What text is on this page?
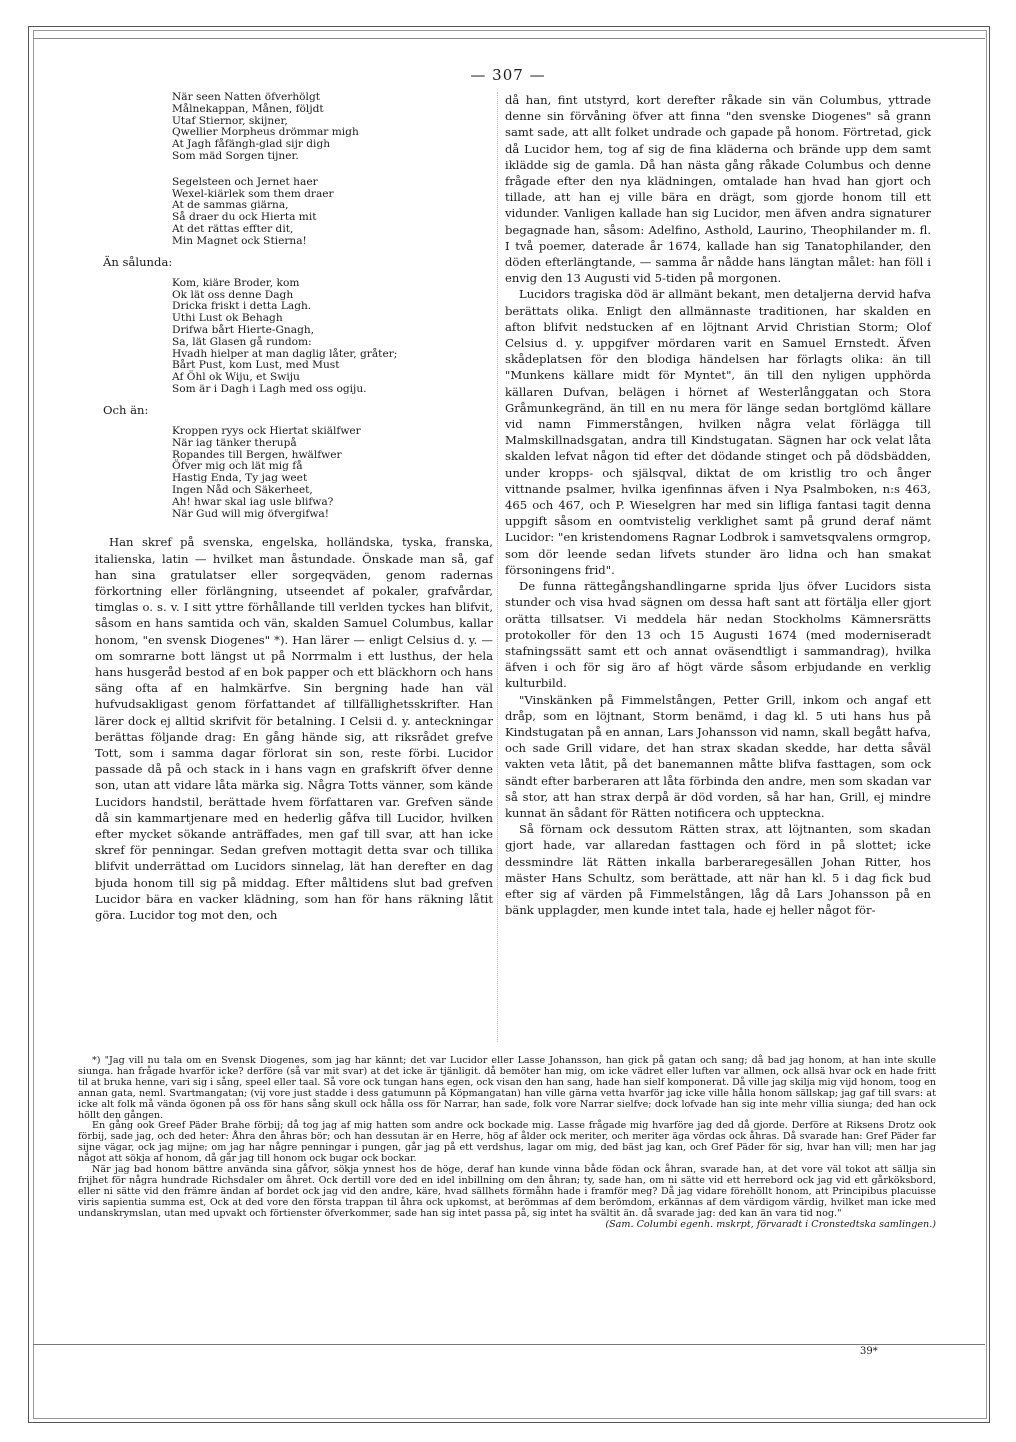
— 307 —
När seen Natten öfverhölgt
Målnekappan, Månen, följdt
Utaf Stiernor, skijner,
Qwellier Morpheus drömmar migh
At Jagh fåfängh-glad sijr digh
Som mäd Sorgen tijner.
Segelsteen och Jernet haer
Wexel-kiärlek som them draer
At de sammas giärna,
Så draer du ock Hierta mit
At det rättas effter dit,
Min Magnet ock Stierna!
Än sålunda:
Kom, kiäre Broder, kom
Ok lät oss denne Dagh
Dricka friskt i detta Lagh.
Uthi Lust ok Behagh
Drifwa bårt Hierte-Gnagh,
Sa, lät Glasen gå rundom:
Hvadh hielper at man daglig låter, gråter;
Bårt Pust, kom Lust, med Must
Af Öhl ok Wiju, et Swiju
Som är i Dagh i Lagh med oss ogiju.
Och än:
Kroppen ryys ock Hiertat skiälfwer
När iag tänker therupå
Ropandes till Bergen, hwälfwer
Öfver mig och lät mig få
Hastig Enda, Ty jag weet
Ingen Nåd och Säkerheet,
Ah! hwar skal iag usle blifwa?
När Gud will mig öfvergifwa!

Han skref på svenska, engelska, holländska, tyska, franska, italienska, latin — hvilket man åstundade. Önskade man så, gaf han sina gratulatser eller sorgeqväden, genom radernas förkortning eller förlängning, utseendet af pokaler, grafvårdar, timglas o. s. v. I sitt yttre förhållande till verlden tyckes han blifvit, såsom en hans samtida och vän, skalden Samuel Columbus, kallar honom, "en svensk Diogenes" *). Han lärer — enligt Celsius d. y. — om somrarne bott längst ut på Norrmalm i ett lusthus, der hela hans husgeråd bestod af en bok papper och ett bläckhorn och hans säng ofta af en halmkärfve. Sin bergning hade han väl hufvudsakligast genom författandet af tillfällighetsskrifter. Han lärer dock ej alltid skrifvit för betalning. I Celsii d. y. anteckningar berättas följande drag: En gång hände sig, att riksrådet grefve Tott, som i samma dagar förlorat sin son, reste förbi. Lucidor passade då på och stack in i hans vagn en grafskrift öfver denne son, utan att vidare låta märka sig. Några Totts vänner, som kände Lucidors handstil, berättade hvem författaren var. Grefven sände då sin kammartjenare med en hederlig gåfva till Lucidor, hvilken efter mycket sökande anträffades, men gaf till svar, att han icke skref för penningar. Sedan grefven mottagit detta svar och tillika blifvit underrättad om Lucidors sinnelag, lät han derefter en dag bjuda honom till sig på middag. Efter måltidens slut bad grefven Lucidor bära en vacker klädning, som han för hans räkning låtit göra. Lucidor tog mot den, och

då han, fint utstyrd, kort derefter råkade sin vän Columbus, yttrade denne sin förvåning öfver att finna "den svenske Diogenes" så grann samt sade, att allt folket undrade och gapade på honom. Förtretad, gick då Lucidor hem, tog af sig de fina kläderna och brände upp dem samt iklädde sig de gamla. Då han nästa gång råkade Columbus och denne frågade efter den nya klädningen, omtalade han hvad han gjort och tillade, att han ej ville bära en drägt, som gjorde honom till ett vidunder. Vanligen kallade han sig Lucidor, men äfven andra signaturer begagnade han, såsom: Adelfino, Asthold, Laurino, Theophilander m. fl. I två poemer, daterade år 1674, kallade han sig Tanatophilander, den döden efterlängtande, — samma år nådde hans längtan målet: han föll i envig den 13 Augusti vid 5-tiden på morgonen.

Lucidors tragiska död är allmänt bekant, men detaljerna dervid hafva berättats olika. Enligt den allmännaste traditionen, har skalden en afton blifvit nedstucken af en löjtnant Arvid Christian Storm; Olof Celsius d. y. uppgifver mördaren varit en Samuel Ernstedt. Äfven skådeplatsen för den blodiga händelsen har förlagts olika: än till "Munkens källare midt för Myntet", än till den nyligen upphörda källaren Dufvan, belägen i hörnet af Westerlånggatan och Stora Gråmunkegränd, än till en nu mera för länge sedan bortglömd källare vid namn Fimmerstången, hvilken några velat förlägga till Malmskillnadsgatan, andra till Kindstugatan. Sägnen har ock velat låta skalden lefvat någon tid efter det dödande stinget och på dödsbädden, under kropps- och själsqval, diktat de om kristlig tro och ånger vittnande psalmer, hvilka igenfinnas äfven i Nya Psalmboken, n:s 463, 465 och 467, och P. Wieselgren har med sin lifliga fantasi tagit denna uppgift såsom en oomtvistelig verklighet samt på grund deraf nämt Lucidor: "en kristendomens Ragnar Lodbrok i samvetsqvalens ormgrop, som dör leende sedan lifvets stunder äro lidna och han smakat försoningens frid".

De funna rättegångshandlingarne sprida ljus öfver Lucidors sista stunder och visa hvad sägnen om dessa haft sant att förtälja eller gjort orätta tillsatser. Vi meddela här nedan Stockholms Kämnersrätts protokoller för den 13 och 15 Augusti 1674 (med moderniseradt stafningssätt samt ett och annat oväsendtligt i sammandrag), hvilka äfven i och för sig äro af högt värde såsom erbjudande en verklig kulturbild.

"Vinskänken på Fimmelstången, Petter Grill, inkom och angaf ett dråp, som en löjtnant, Storm benämd, i dag kl. 5 uti hans hus på Kindstugatan på en annan, Lars Johansson vid namn, skall begått hafva, och sade Grill vidare, det han strax skadan skedde, har detta såväl vakten veta låtit, på det banemannen måtte blifva fasttagen, som ock sändt efter barberaren att låta förbinda den andre, men som skadan var så stor, att han strax derpå är död vorden, så har han, Grill, ej mindre kunnat än sådant för Rätten notificera och uppteckna.

Så förnam ock dessutom Rätten strax, att löjtnanten, som skadan gjort hade, var allaredan fasttagen och förd in på slottet; icke dessmindre lät Rätten inkalla barberaregesällen Johan Ritter, hos mäster Hans Schultz, som berättade, att när han kl. 5 i dag fick bud efter sig af värden på Fimmelstången, låg då Lars Johansson på en bänk upplagder, men kunde intet tala, hade ej heller något för-

*) "Jag vill nu tala om en Svensk Diogenes, som jag har kännt; det var Lucidor eller Lasse Johansson, han gick på gatan och sang; då bad jag honom, at han inte skulle siunga. han frågade hvarför icke? derföre (så var mit svar) at det icke är tjänligit. då bemöter han mig, om icke vädret eller luften var allmen, ock allsä hvar ock en hade fritt til at bruka henne, vari sig i sång, speel eller taal. Så vore ock tungan hans egen, ock visan den han sang, hade han sielf komponerat. Då ville jag skilja mig vijd honom, toog en annan gata, neml. Svartmangatan; (vij vore just stadde i dess gatumunn på Köpmangatan) han ville gärna vetta hvarför jag icke ville hålla honom sällskap; jag gaf till svars: at icke alt folk må vända ögonen på oss för hans sång skull ock hålla oss för Narrar, han sade, folk vore Narrar sielfve; dock lofvade han sig inte mehr villia siunga; ded han ock höllt den gången.

En gång ook Greef Päder Brahe förbij; då tog jag af mig hatten som andre ock bockade mig. Lasse frågade mig hvarföre jag ded då gjorde. Derföre at Riksens Drotz ook förbij, sade jag, och ded heter: Åhra den åhras bör; och han dessutan är en Herre, hög af ålder ock meriter, och meriter äga vördas ock åhras. Då svarade han: Gref Päder far sijne vägar, ock jag mijne; om jag har någre penningar i pungen, går jag på ett verdshus, lagar om mig, ded bäst jag kan, och Gref Päder för sig, hvar han vill; men har jag något att sökja af honom, då går jag till honom ock bugar ock bockar.

När jag bad honom bättre använda sina gåfvor, sökja ynnest hos de höge, deraf han kunde vinna både födan ock åhran, svarade han, at det vore väl tokot att sällja sin frijhet för några hundrade Richsdaler om åhret. Ock dertill vore ded en idel inbillning om den åhran; ty, sade han, om ni sätte vid ett herrebord ock jag vid ett gårköksbord, eller ni sätte vid den främre ändan af bordet ock jag vid den andre, käre, hvad sällhets förmåhn hade i framför meg? Då jag vidare förehöllt honom, att Principibus placuisse viris sapientia summa est, Ock at ded vore den första trappan til åhra ock upkomst, at berömmas af dem berömdom, erkännas af dem värdigom värdig, hvilket man icke med undanskrymslan, utan med upvakt och förtienster öfverkommer, sade han sig intet passa på, sig intet ha svältit än. då svarade jag: ded kan än vara tid nog."

(Sam. Columbi egenh. mskrpt, förvaradt i Cronstedtska samlingen.)
39*
